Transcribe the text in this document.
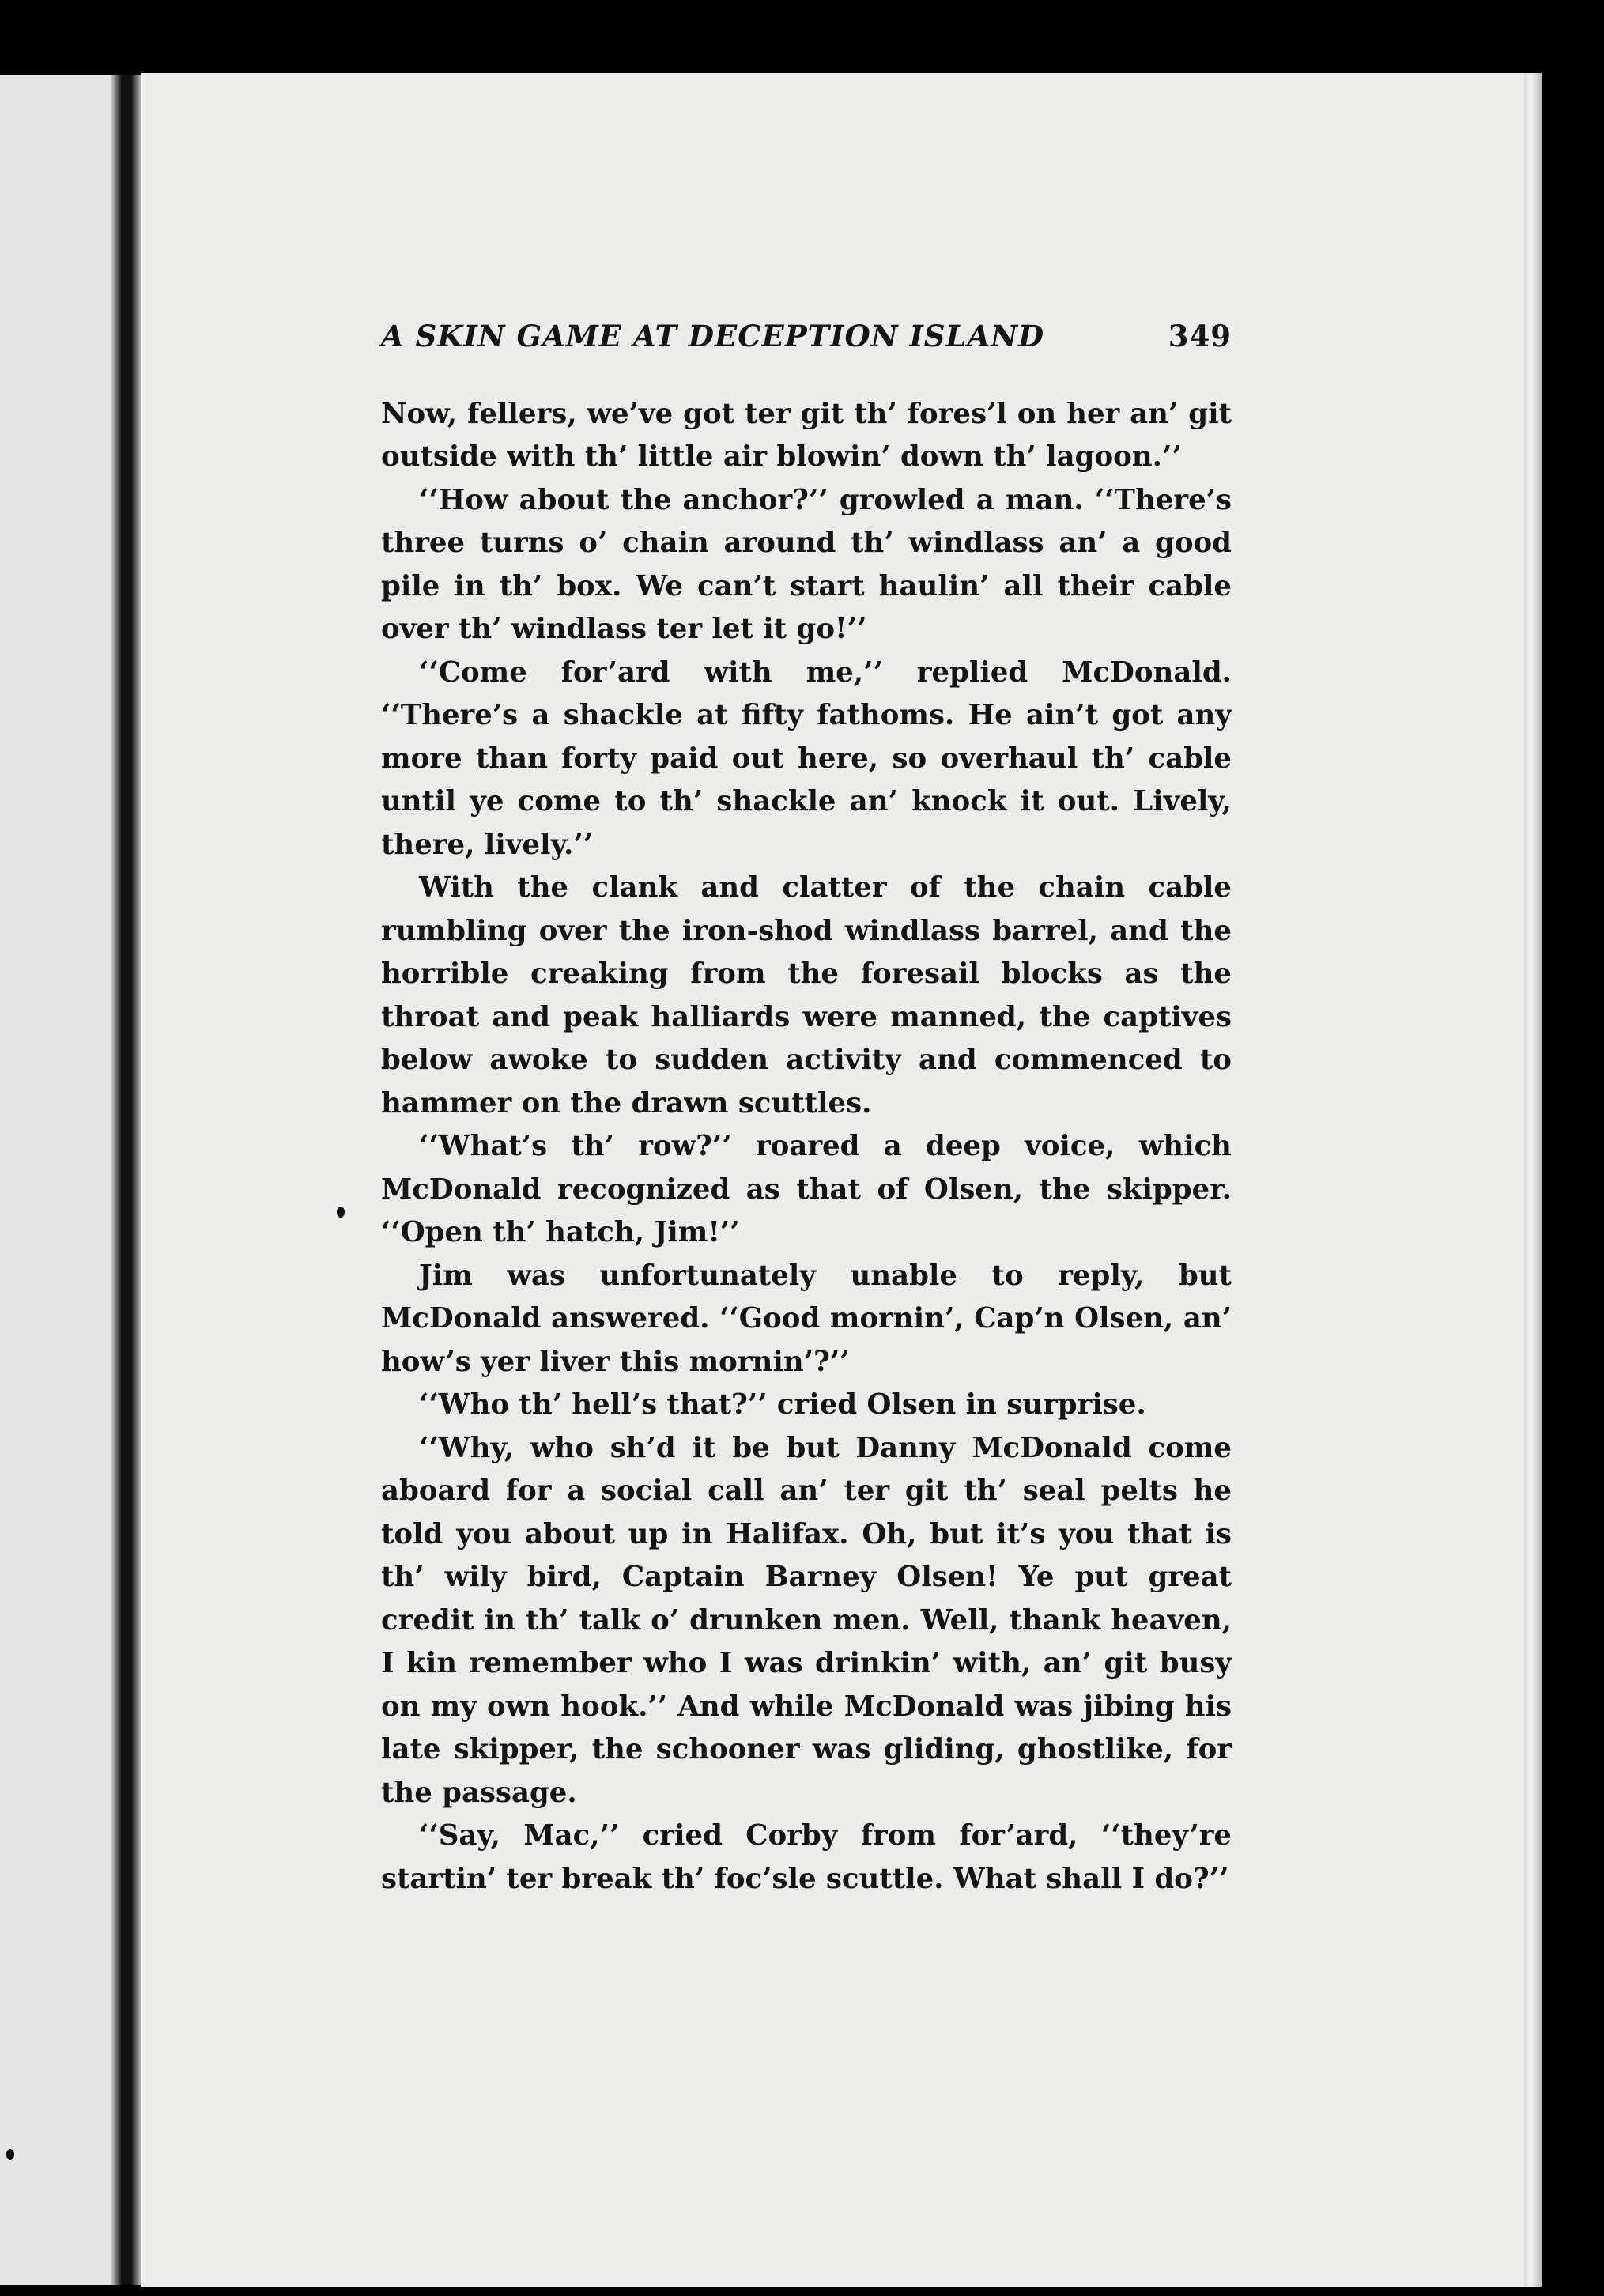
A SKIN GAME AT DECEPTION ISLAND	349

Now, fellers, we’ve got ter git th’ fores’l on her an’ git outside with th’ little air blowin’ down th’ lagoon.’’

‘‘How about the anchor?’’ growled a man. ‘‘There’s three turns o’ chain around th’ windlass an’ a good pile in th’ box. We can’t start haulin’ all their cable over th’ windlass ter let it go!’’

‘‘Come for’ard with me,’’ replied McDonald. ‘‘There’s a shackle at fifty fathoms. He ain’t got any more than forty paid out here, so overhaul th’ cable until ye come to th’ shackle an’ knock it out. Lively, there, lively.’’

With the clank and clatter of the chain cable rumbling over the iron-shod windlass barrel, and the horrible creaking from the foresail blocks as the throat and peak halliards were manned, the captives below awoke to sudden activity and commenced to hammer on the drawn scuttles.

‘‘What’s th’ row?’’ roared a deep voice, which McDonald recognized as that of Olsen, the skipper. ‘‘Open th’ hatch, Jim!’’

Jim was unfortunately unable to reply, but McDonald answered. ‘‘Good mornin’, Cap’n Olsen, an’ how’s yer liver this mornin’?’’

‘‘Who th’ hell’s that?’’ cried Olsen in surprise.

‘‘Why, who sh’d it be but Danny McDonald come aboard for a social call an’ ter git th’ seal pelts he told you about up in Halifax. Oh, but it’s you that is th’ wily bird, Captain Barney Olsen! Ye put great credit in th’ talk o’ drunken men. Well, thank heaven, I kin remember who I was drinkin’ with, an’ git busy on my own hook.’’ And while McDonald was jibing his late skipper, the schooner was gliding, ghostlike, for the passage.

‘‘Say, Mac,’’ cried Corby from for’ard, ‘‘they’re startin’ ter break th’ foc’sle scuttle. What shall I do?’’
